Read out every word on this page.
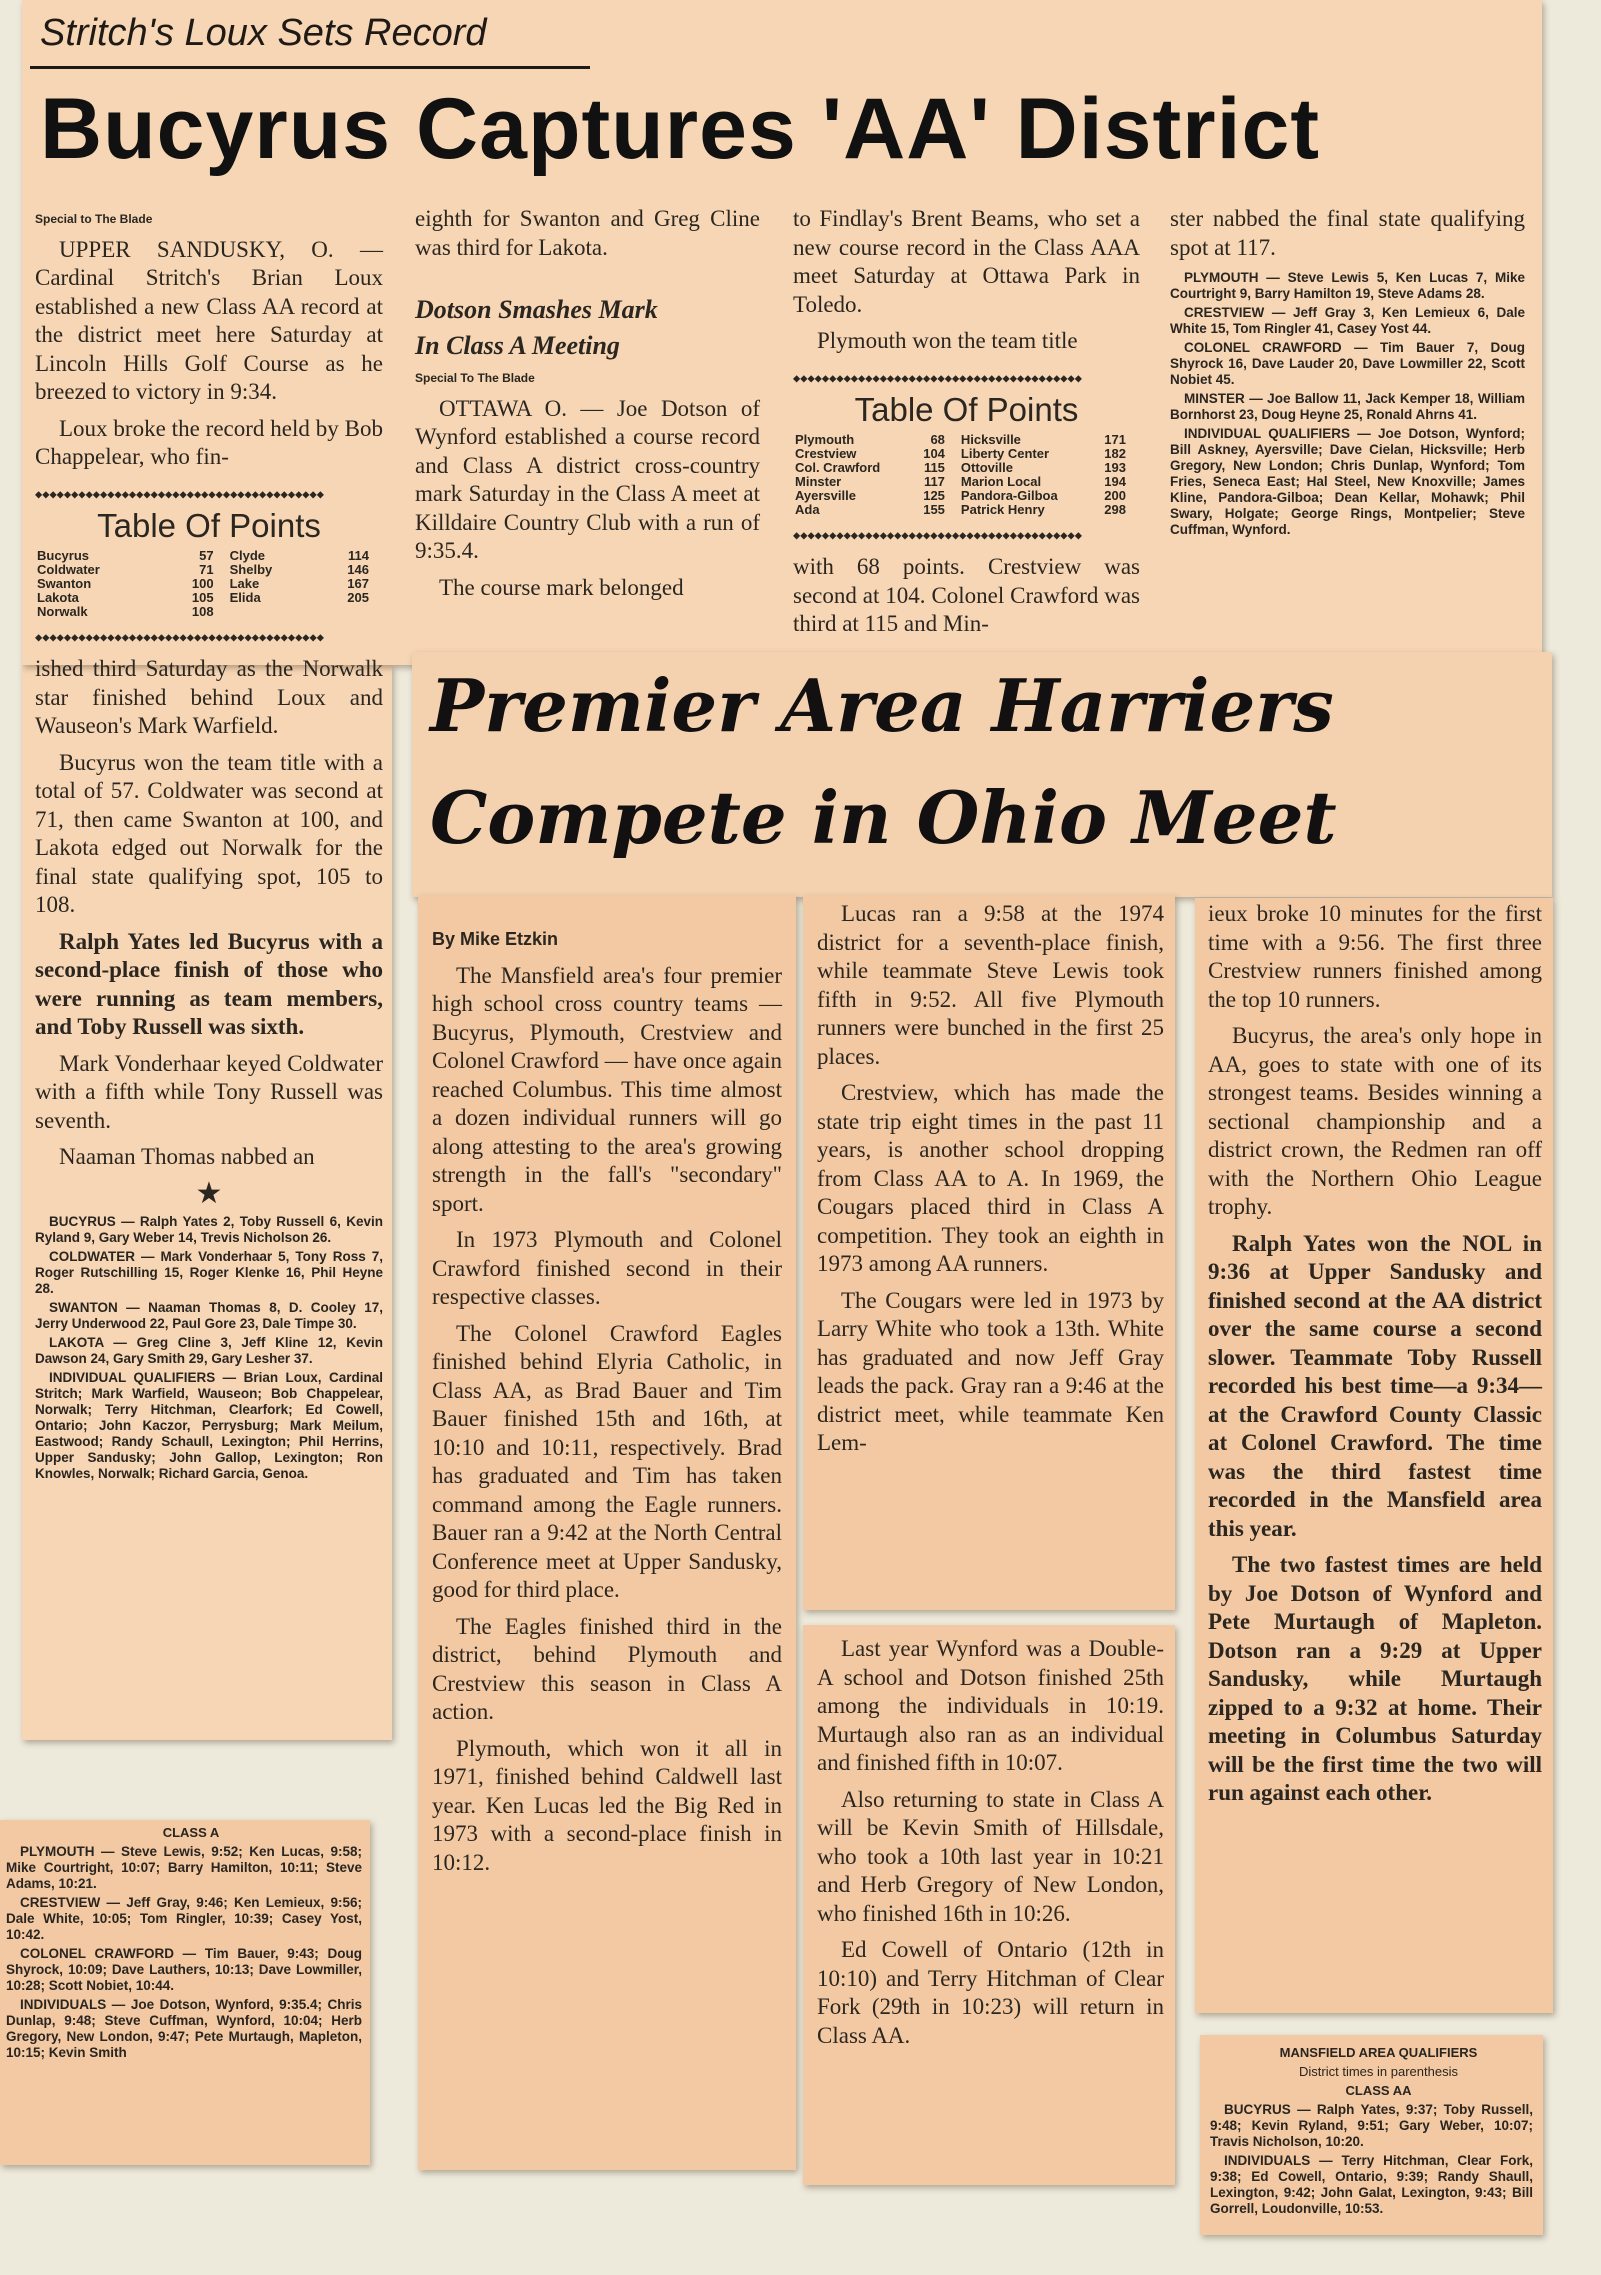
Stritch's Loux Sets Record
Bucyrus Captures 'AA' District

Special to The Blade

UPPER SANDUSKY, O. — Cardinal Stritch's Brian Loux established a new Class AA record at the district meet here Saturday at Lincoln Hills Golf Course as he breezed to victory in 9:34.

Loux broke the record held by Bob Chappelear, who fin-

◆◆◆◆◆◆◆◆◆◆◆◆◆◆◆◆◆◆◆◆◆◆◆◆◆◆◆◆◆◆◆◆◆◆◆◆◆◆◆◆

Table Of Points

Bucyrus	57	Clyde	114
Coldwater	71	Shelby	146
Swanton	100	Lake	167
Lakota	105	Elida	205
Norwalk	108		
◆◆◆◆◆◆◆◆◆◆◆◆◆◆◆◆◆◆◆◆◆◆◆◆◆◆◆◆◆◆◆◆◆◆◆◆◆◆◆◆

ished third Saturday as the Norwalk star finished behind Loux and Wauseon's Mark Warfield.

Bucyrus won the team title with a total of 57. Coldwater was second at 71, then came Swanton at 100, and Lakota edged out Norwalk for the final state qualifying spot, 105 to 108.

Ralph Yates led Bucyrus with a second-place finish of those who were running as team members, and Toby Russell was sixth.

Mark Vonderhaar keyed Coldwater with a fifth while Tony Russell was seventh.

Naaman Thomas nabbed an

★

BUCYRUS — Ralph Yates 2, Toby Russell 6, Kevin Ryland 9, Gary Weber 14, Trevis Nicholson 26.

COLDWATER — Mark Vonderhaar 5, Tony Ross 7, Roger Rutschilling 15, Roger Klenke 16, Phil Heyne 28.

SWANTON — Naaman Thomas 8, D. Cooley 17, Jerry Underwood 22, Paul Gore 23, Dale Timpe 30.

LAKOTA — Greg Cline 3, Jeff Kline 12, Kevin Dawson 24, Gary Smith 29, Gary Lesher 37.

INDIVIDUAL QUALIFIERS — Brian Loux, Cardinal Stritch; Mark Warfield, Wauseon; Bob Chappelear, Norwalk; Terry Hitchman, Clearfork; Ed Cowell, Ontario; John Kaczor, Perrysburg; Mark Meilum, Eastwood; Randy Schaull, Lexington; Phil Herrins, Upper Sandusky; John Gallop, Lexington; Ron Knowles, Norwalk; Richard Garcia, Genoa.

eighth for Swanton and Greg Cline was third for Lakota.

Dotson Smashes Mark

In Class A Meeting

Special To The Blade

OTTAWA O. — Joe Dotson of Wynford established a course record and Class A district cross-country mark Saturday in the Class A meet at Killdaire Country Club with a run of 9:35.4.

The course mark belonged

to Findlay's Brent Beams, who set a new course record in the Class AAA meet Saturday at Ottawa Park in Toledo.

Plymouth won the team title

◆◆◆◆◆◆◆◆◆◆◆◆◆◆◆◆◆◆◆◆◆◆◆◆◆◆◆◆◆◆◆◆◆◆◆◆◆◆◆◆

Table Of Points

Plymouth	68	Hicksville	171
Crestview	104	Liberty Center	182
Col. Crawford	115	Ottoville	193
Minster	117	Marion Local	194
Ayersville	125	Pandora-Gilboa	200
Ada	155	Patrick Henry	298
◆◆◆◆◆◆◆◆◆◆◆◆◆◆◆◆◆◆◆◆◆◆◆◆◆◆◆◆◆◆◆◆◆◆◆◆◆◆◆◆

with 68 points. Crestview was second at 104. Colonel Crawford was third at 115 and Min-

ster nabbed the final state qualifying spot at 117.

PLYMOUTH — Steve Lewis 5, Ken Lucas 7, Mike Courtright 9, Barry Hamilton 19, Steve Adams 28.

CRESTVIEW — Jeff Gray 3, Ken Lemieux 6, Dale White 15, Tom Ringler 41, Casey Yost 44.

COLONEL CRAWFORD — Tim Bauer 7, Doug Shyrock 16, Dave Lauder 20, Dave Lowmiller 22, Scott Nobiet 45.

MINSTER — Joe Ballow 11, Jack Kemper 18, William Bornhorst 23, Doug Heyne 25, Ronald Ahrns 41.

INDIVIDUAL QUALIFIERS — Joe Dotson, Wynford; Bill Askney, Ayersville; Dave Cielan, Hicksville; Herb Gregory, New London; Chris Dunlap, Wynford; Tom Fries, Seneca East; Hal Steel, New Knoxville; James Kline, Pandora-Gilboa; Dean Kellar, Mohawk; Phil Swary, Holgate; George Rings, Montpelier; Steve Cuffman, Wynford.

Premier Area Harriers
Compete in Ohio Meet

By Mike Etzkin

The Mansfield area's four premier high school cross country teams — Bucyrus, Plymouth, Crestview and Colonel Crawford — have once again reached Columbus. This time almost a dozen individual runners will go along attesting to the area's growing strength in the fall's "secondary" sport.

In 1973 Plymouth and Colonel Crawford finished second in their respective classes.

The Colonel Crawford Eagles finished behind Elyria Catholic, in Class AA, as Brad Bauer and Tim Bauer finished 15th and 16th, at 10:10 and 10:11, respectively. Brad has graduated and Tim has taken command among the Eagle runners. Bauer ran a 9:42 at the North Central Conference meet at Upper Sandusky, good for third place.

The Eagles finished third in the district, behind Plymouth and Crestview this season in Class A action.

Plymouth, which won it all in 1971, finished behind Caldwell last year. Ken Lucas led the Big Red in 1973 with a second-place finish in 10:12.

Lucas ran a 9:58 at the 1974 district for a seventh-place finish, while teammate Steve Lewis took fifth in 9:52. All five Plymouth runners were bunched in the first 25 places.

Crestview, which has made the state trip eight times in the past 11 years, is another school dropping from Class AA to A. In 1969, the Cougars placed third in Class A competition. They took an eighth in 1973 among AA runners.

The Cougars were led in 1973 by Larry White who took a 13th. White has graduated and now Jeff Gray leads the pack. Gray ran a 9:46 at the district meet, while teammate Ken Lem-

Last year Wynford was a Double-A school and Dotson finished 25th among the individuals in 10:19. Murtaugh also ran as an individual and finished fifth in 10:07.

Also returning to state in Class A will be Kevin Smith of Hillsdale, who took a 10th last year in 10:21 and Herb Gregory of New London, who finished 16th in 10:26.

Ed Cowell of Ontario (12th in 10:10) and Terry Hitchman of Clear Fork (29th in 10:23) will return in Class AA.

ieux broke 10 minutes for the first time with a 9:56. The first three Crestview runners finished among the top 10 runners.

Bucyrus, the area's only hope in AA, goes to state with one of its strongest teams. Besides winning a sectional championship and a district crown, the Redmen ran off with the Northern Ohio League trophy.

Ralph Yates won the NOL in 9:36 at Upper Sandusky and finished second at the AA district over the same course a second slower. Teammate Toby Russell recorded his best time—a 9:34—at the Crawford County Classic at Colonel Crawford. The time was the third fastest time recorded in the Mansfield area this year.

The two fastest times are held by Joe Dotson of Wynford and Pete Murtaugh of Mapleton. Dotson ran a 9:29 at Upper Sandusky, while Murtaugh zipped to a 9:32 at home. Their meeting in Columbus Saturday will be the first time the two will run against each other.

CLASS A

PLYMOUTH — Steve Lewis, 9:52; Ken Lucas, 9:58; Mike Courtright, 10:07; Barry Hamilton, 10:11; Steve Adams, 10:21.

CRESTVIEW — Jeff Gray, 9:46; Ken Lemieux, 9:56; Dale White, 10:05; Tom Ringler, 10:39; Casey Yost, 10:42.

COLONEL CRAWFORD — Tim Bauer, 9:43; Doug Shyrock, 10:09; Dave Lauthers, 10:13; Dave Lowmiller, 10:28; Scott Nobiet, 10:44.

INDIVIDUALS — Joe Dotson, Wynford, 9:35.4; Chris Dunlap, 9:48; Steve Cuffman, Wynford, 10:04; Herb Gregory, New London, 9:47; Pete Murtaugh, Mapleton, 10:15; Kevin Smith	MANSFIELD AREA QUALIFIERS

District times in parenthesis

CLASS AA

BUCYRUS — Ralph Yates, 9:37; Toby Russell, 9:48; Kevin Ryland, 9:51; Gary Weber, 10:07; Travis Nicholson, 10:20.

INDIVIDUALS — Terry Hitchman, Clear Fork, 9:38; Ed Cowell, Ontario, 9:39; Randy Shaull, Lexington, 9:42; John Galat, Lexington, 9:43; Bill Gorrell, Loudonville, 10:53.
